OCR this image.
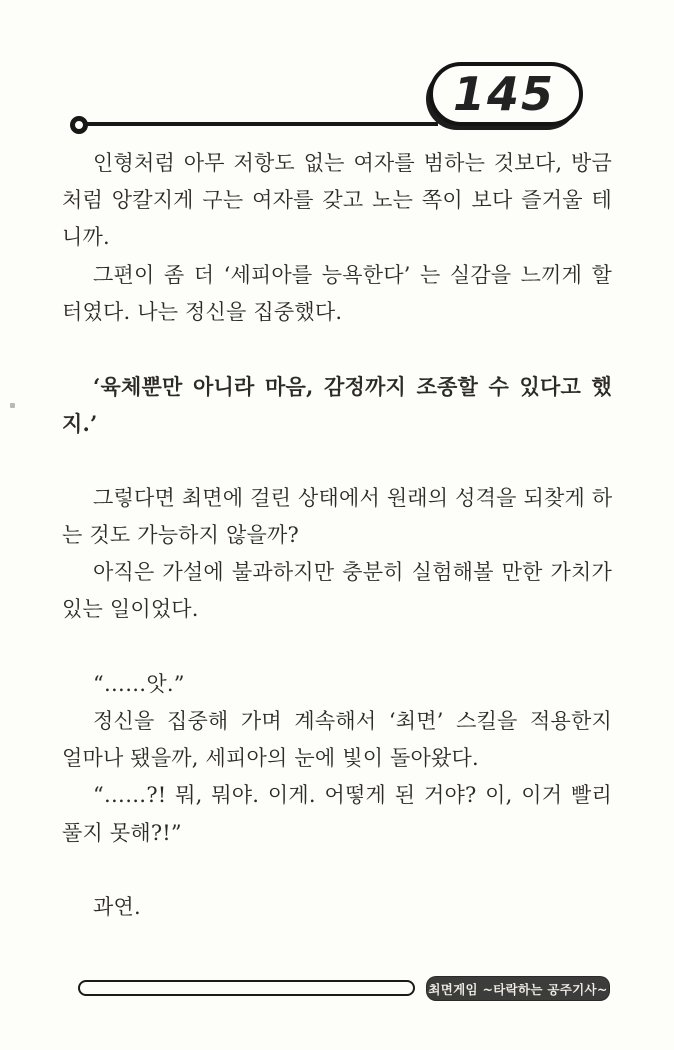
145

인형처럼 아무 저항도 없는 여자를 범하는 것보다, 방금
처럼 앙칼지게 구는 여자를 갖고 노는 쪽이 보다 즐거울 테
니까.

그편이 좀 더 ‘세피아를 능욕한다’ 는 실감을 느끼게 할
터였다. 나는 정신을 집중했다.

‘육체뿐만 아니라 마음, 감정까지 조종할 수 있다고 했
지.’

그렇다면 최면에 걸린 상태에서 원래의 성격을 되찾게 하
는 것도 가능하지 않을까?

아직은 가설에 불과하지만 충분히 실험해볼 만한 가치가
있는 일이었다.

“……앗.”

정신을 집중해 가며 계속해서 ‘최면’ 스킬을 적용한지
얼마나 됐을까, 세피아의 눈에 빛이 돌아왔다.

“……?! 뭐, 뭐야. 이게. 어떻게 된 거야? 이, 이거 빨리
풀지 못해?!”

과연.

최면게임 ~타락하는 공주기사~
